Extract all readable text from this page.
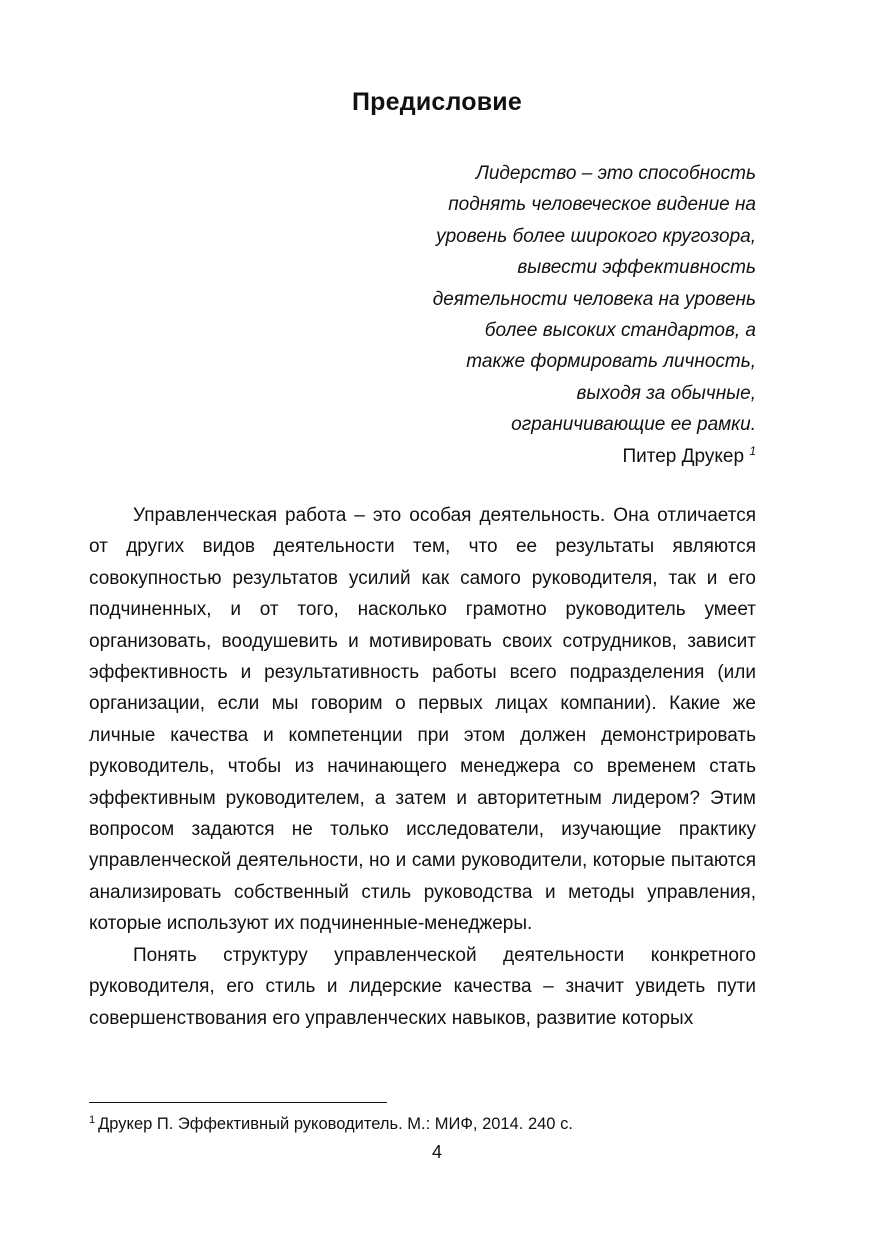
Предисловие
Лидерство – это способность
поднять человеческое видение на
уровень более широкого кругозора,
вывести эффективность
деятельности человека на уровень
более высоких стандартов, а
также формировать личность,
выходя за обычные,
ограничивающие ее рамки.
Питер Друкер $^1$

Управленческая работа – это особая деятельность. Она отличается от других видов деятельности тем, что ее результаты являются совокупностью результатов усилий как самого руководителя, так и его подчиненных, и от того, насколько грамотно руководитель умеет организовать, воодушевить и мотивировать своих сотрудников, зависит эффективность и результативность работы всего подразделения (или организации, если мы говорим о первых лицах компании). Какие же личные качества и компетенции при этом должен демонстрировать руководитель, чтобы из начинающего менеджера со временем стать эффективным руководителем, а затем и авторитетным лидером? Этим вопросом задаются не только исследователи, изучающие практику управленческой деятельности, но и сами руководители, которые пытаются анализировать собственный стиль руководства и методы управления, которые используют их подчиненные-менеджеры.

Понять структуру управленческой деятельности конкретного руководителя, его стиль и лидерские качества – значит увидеть пути совершенствования его управленческих навыков, развитие которых

$^1$ Друкер П. Эффективный руководитель. М.: МИФ, 2014. 240 с.
4
